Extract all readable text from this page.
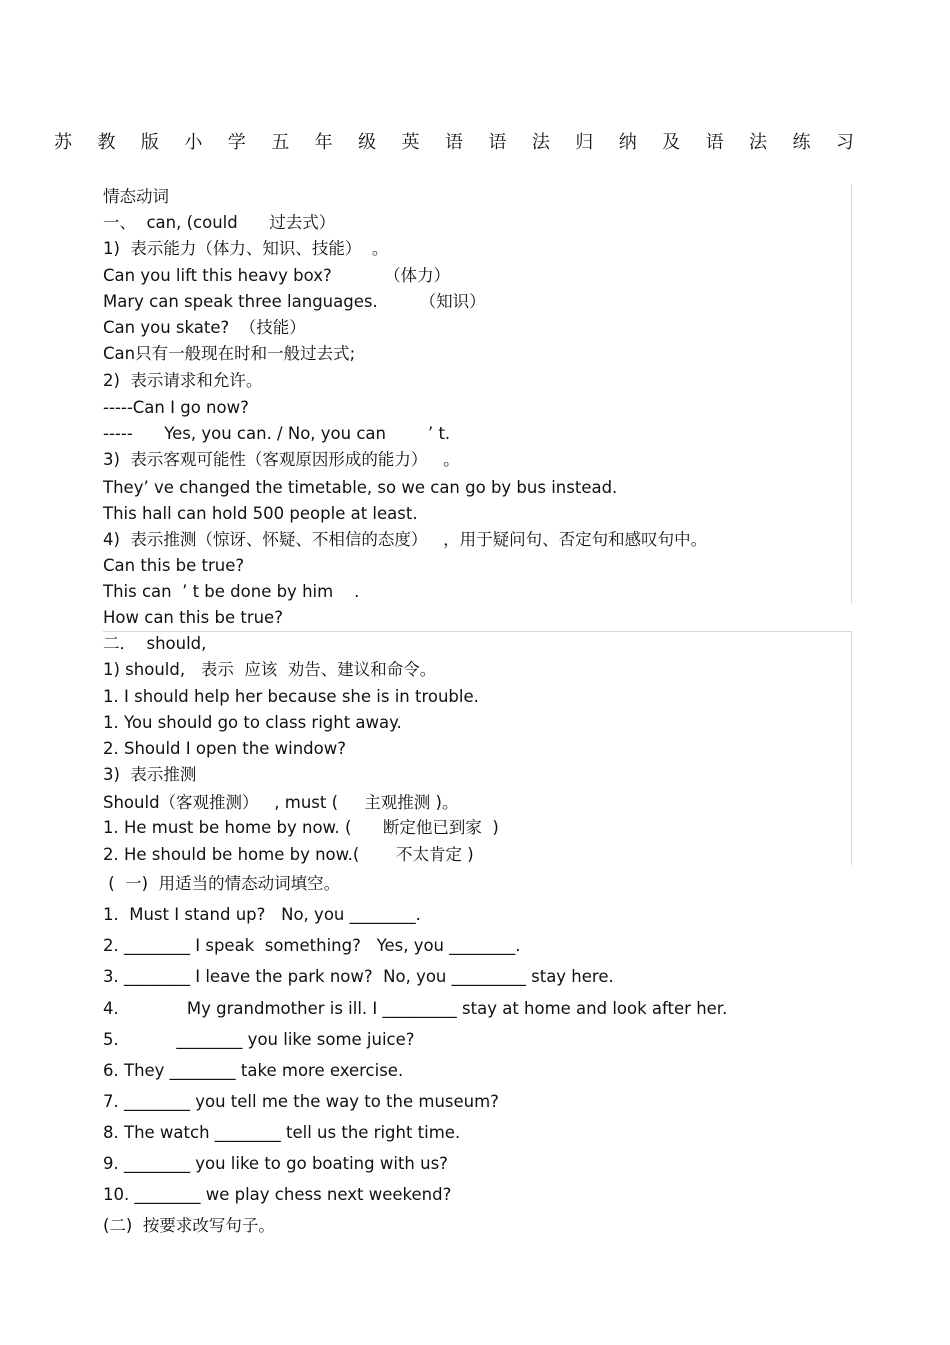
苏 教 版 小 学 五 年 级 英 语 语 法 归 纳 及 语 法 练 习
情态动词
一、  can, (could      过去式）
1)  表示能力（体力、知识、技能）  。
Can you lift this heavy box?          （体力）
Mary can speak three languages.        （知识）
Can you skate?  （技能）
Can只有一般现在时和一般过去式;
2)  表示请求和允许。
-----Can I go now?
-----      Yes, you can. / No, you can        ’ t.
3)  表示客观可能性（客观原因形成的能力）   。
They’ ve changed the timetable, so we can go by bus instead.
This hall can hold 500 people at least.
4)  表示推测（惊讶、怀疑、不相信的态度）   ，用于疑问句、否定句和感叹句中。
Can this be true?
This can  ’ t be done by him    .
How can this be true?
二．  should,
1) should,   表示  应该  劝告、建议和命令。
1. I should help her because she is in trouble.
1. You should go to class right away.
2. Should I open the window?
3)  表示推测
Should（客观推测）   , must (     主观推测 )。
1. He must be home by now. (      断定他已到家  )
2. He should be home by now.(       不太肯定 )
(  一)  用适当的情态动词填空。
1.  Must I stand up?   No, you ________.
2. ________ I speak  something?   Yes, you ________.
3. ________ I leave the park now?  No, you _________ stay here.
4.             My grandmother is ill. I _________ stay at home and look after her.
5.           ________ you like some juice?
6. They ________ take more exercise.
7. ________ you tell me the way to the museum?
8. The watch ________ tell us the right time.
9. ________ you like to go boating with us?
10. ________ we play chess next weekend?
(二)  按要求改写句子。
